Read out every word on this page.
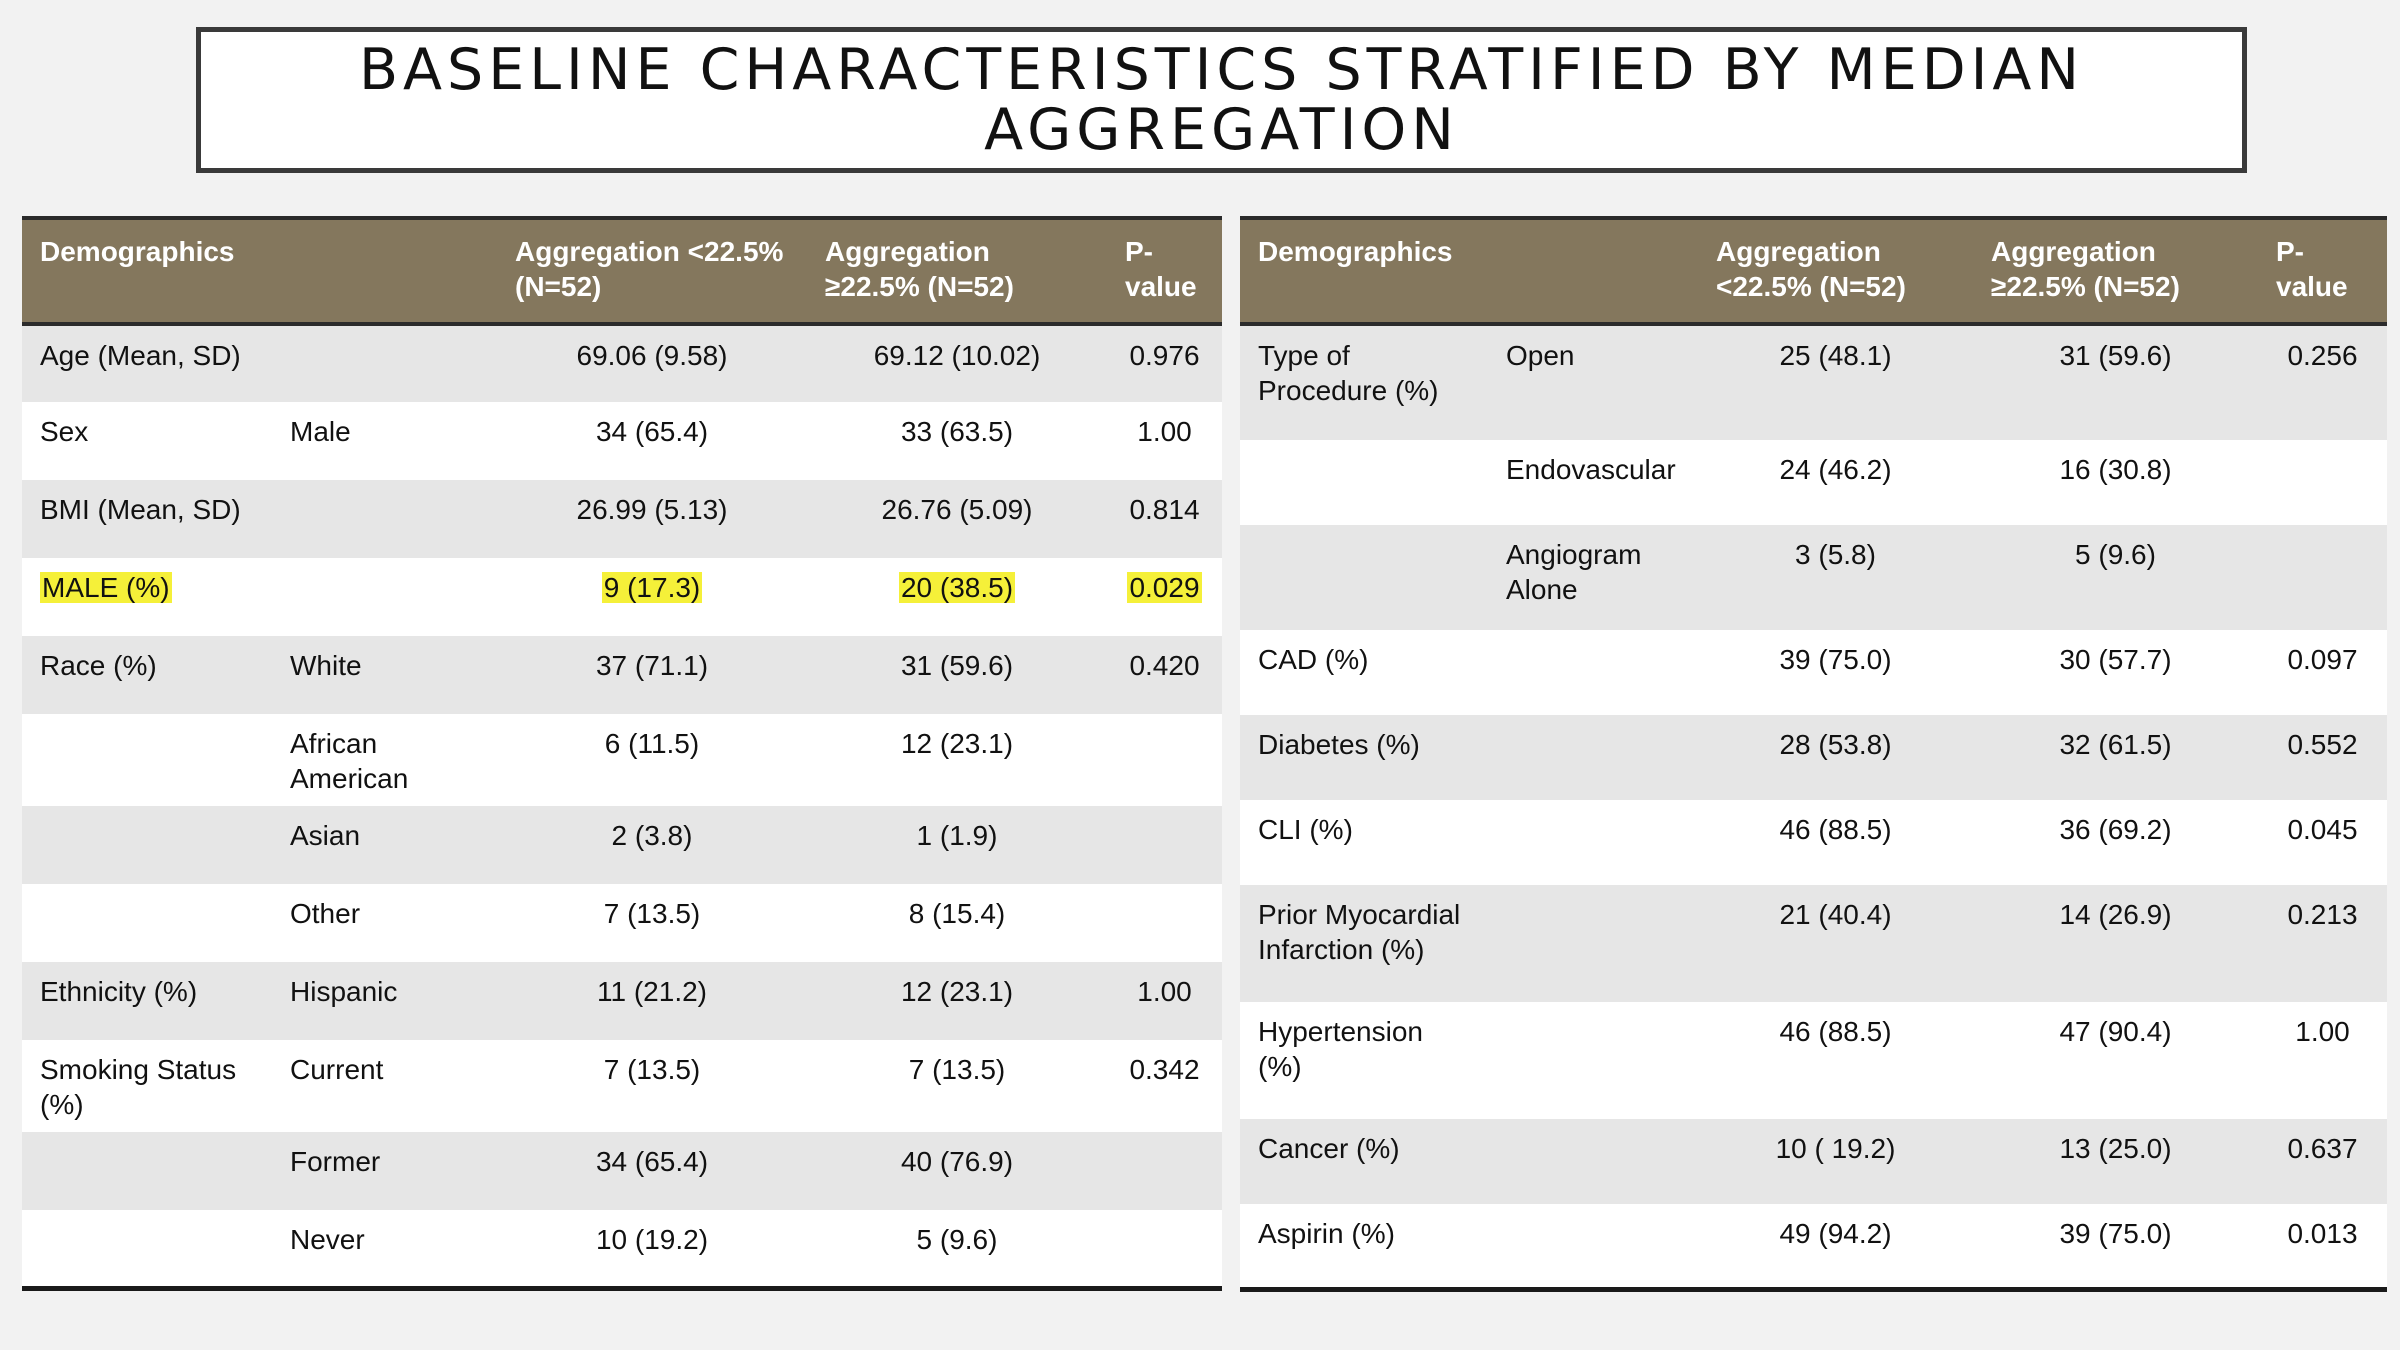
BASELINE CHARACTERISTICS STRATIFIED BY MEDIAN AGGREGATION
Demographics		Aggregation <22.5% (N=52)	Aggregation ≥22.5% (N=52)	P-value
Age (Mean, SD)		69.06 (9.58)	69.12 (10.02)	0.976
Sex	Male	34 (65.4)	33 (63.5)	1.00
BMI (Mean, SD)		26.99 (5.13)	26.76 (5.09)	0.814
MALE (%)		9 (17.3)	20 (38.5)	0.029
Race (%)	White	37 (71.1)	31 (59.6)	0.420
	African American	6 (11.5)	12 (23.1)	
	Asian	2 (3.8)	1 (1.9)	
	Other	7 (13.5)	8 (15.4)	
Ethnicity (%)	Hispanic	11 (21.2)	12 (23.1)	1.00
Smoking Status (%)	Current	7 (13.5)	7 (13.5)	0.342
	Former	34 (65.4)	40 (76.9)	
	Never	10 (19.2)	5 (9.6)	
Demographics		Aggregation <22.5% (N=52)	Aggregation ≥22.5% (N=52)	P-value
Type of Procedure (%)	Open	25 (48.1)	31 (59.6)	0.256
	Endovascular	24 (46.2)	16 (30.8)	
	Angiogram Alone	3 (5.8)	5 (9.6)	
CAD (%)		39 (75.0)	30 (57.7)	0.097
Diabetes (%)		28 (53.8)	32 (61.5)	0.552
CLI (%)		46 (88.5)	36 (69.2)	0.045
Prior Myocardial Infarction (%)		21 (40.4)	14 (26.9)	0.213
Hypertension (%)		46 (88.5)	47 (90.4)	1.00
Cancer (%)		10 ( 19.2)	13 (25.0)	0.637
Aspirin (%)		49 (94.2)	39 (75.0)	0.013
